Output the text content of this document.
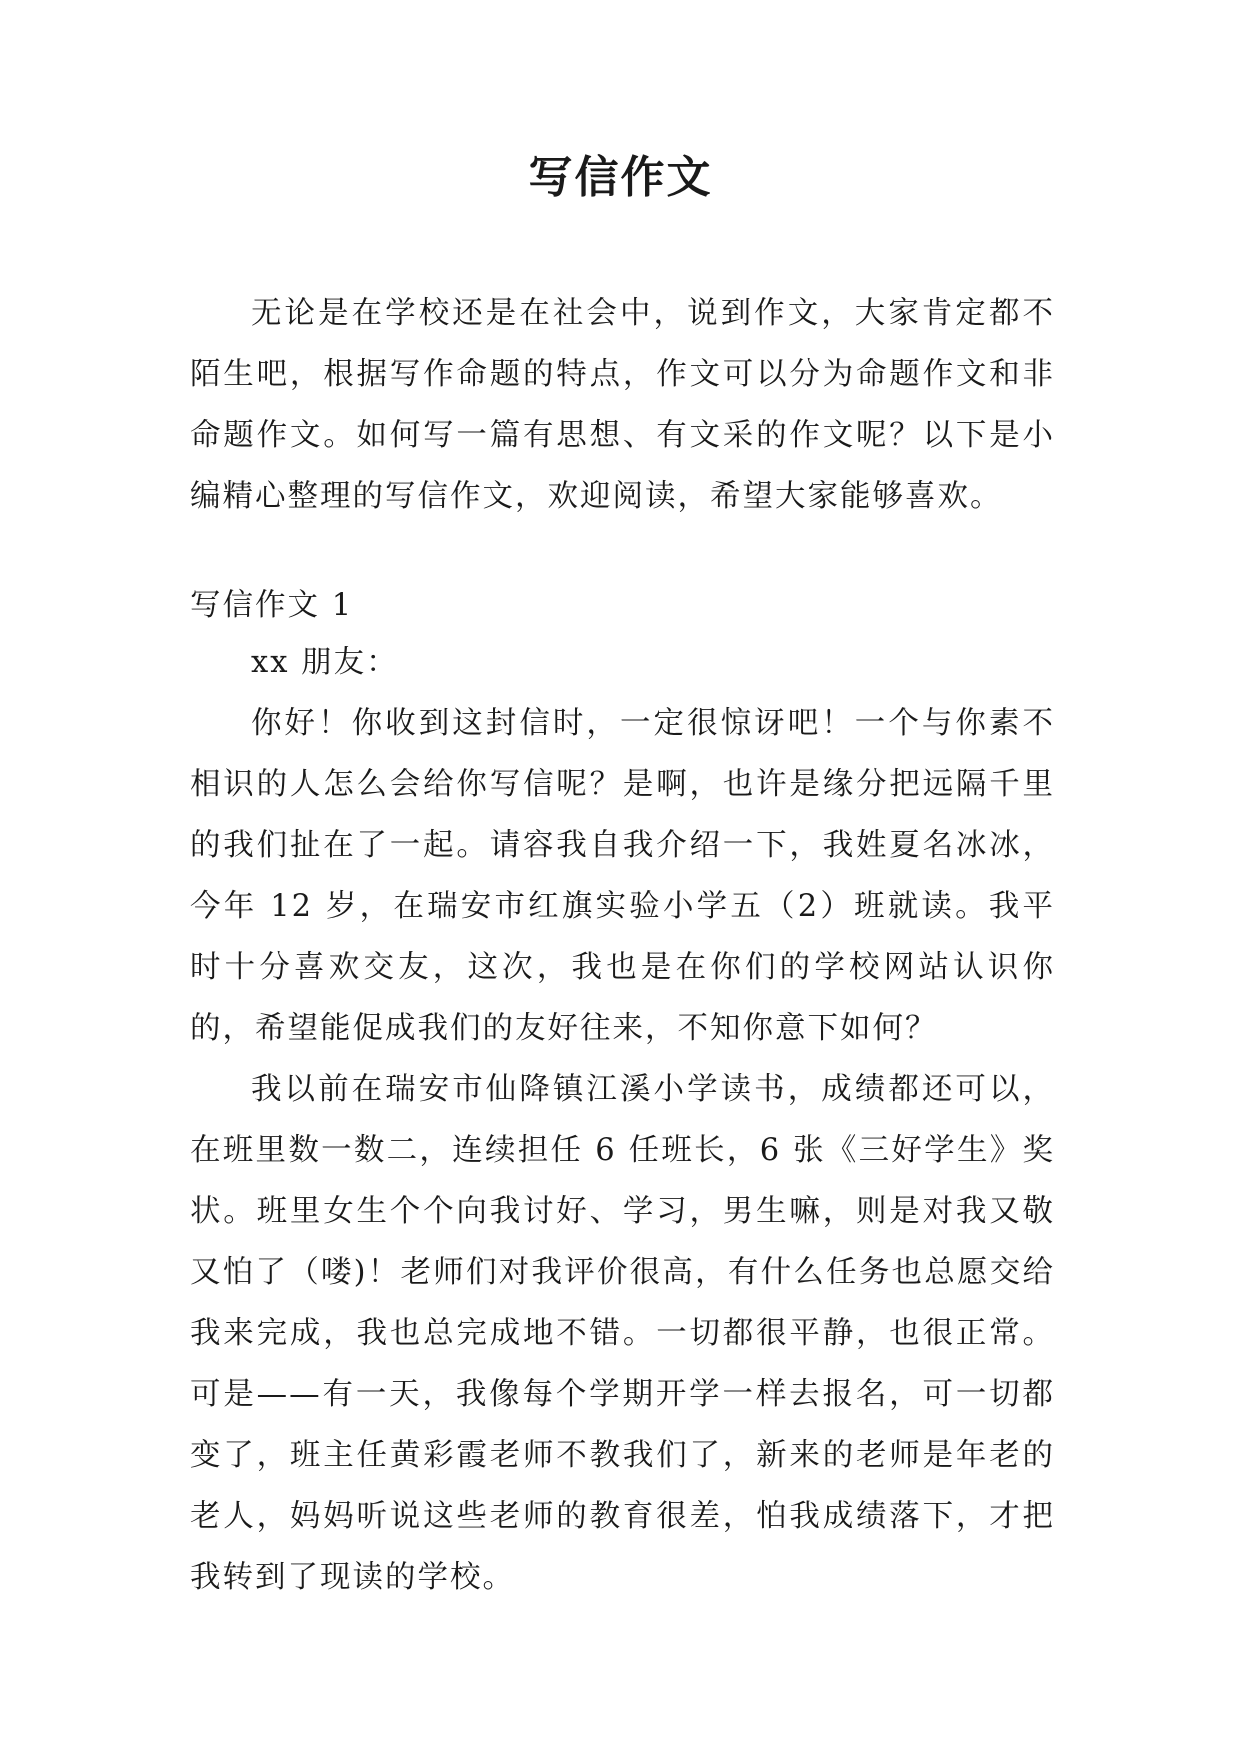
写信作文

无论是在学校还是在社会中，说到作文，大家肯定都不陌生吧，根据写作命题的特点，作文可以分为命题作文和非命题作文。如何写一篇有思想、有文采的作文呢？以下是小编精心整理的写信作文，欢迎阅读，希望大家能够喜欢。

写信作文 1

xx 朋友：

你好！你收到这封信时，一定很惊讶吧！一个与你素不相识的人怎么会给你写信呢？是啊，也许是缘分把远隔千里的我们扯在了一起。请容我自我介绍一下，我姓夏名冰冰，今年 12 岁，在瑞安市红旗实验小学五（2）班就读。我平时十分喜欢交友，这次，我也是在你们的学校网站认识你的，希望能促成我们的友好往来，不知你意下如何？

我以前在瑞安市仙降镇江溪小学读书，成绩都还可以，在班里数一数二，连续担任 6 任班长，6 张《三好学生》奖状。班里女生个个向我讨好、学习，男生嘛，则是对我又敬又怕了（喽)！老师们对我评价很高，有什么任务也总愿交给我来完成，我也总完成地不错。一切都很平静，也很正常。可是——有一天，我像每个学期开学一样去报名，可一切都变了，班主任黄彩霞老师不教我们了，新来的老师是年老的老人，妈妈听说这些老师的教育很差，怕我成绩落下，才把我转到了现读的学校。
